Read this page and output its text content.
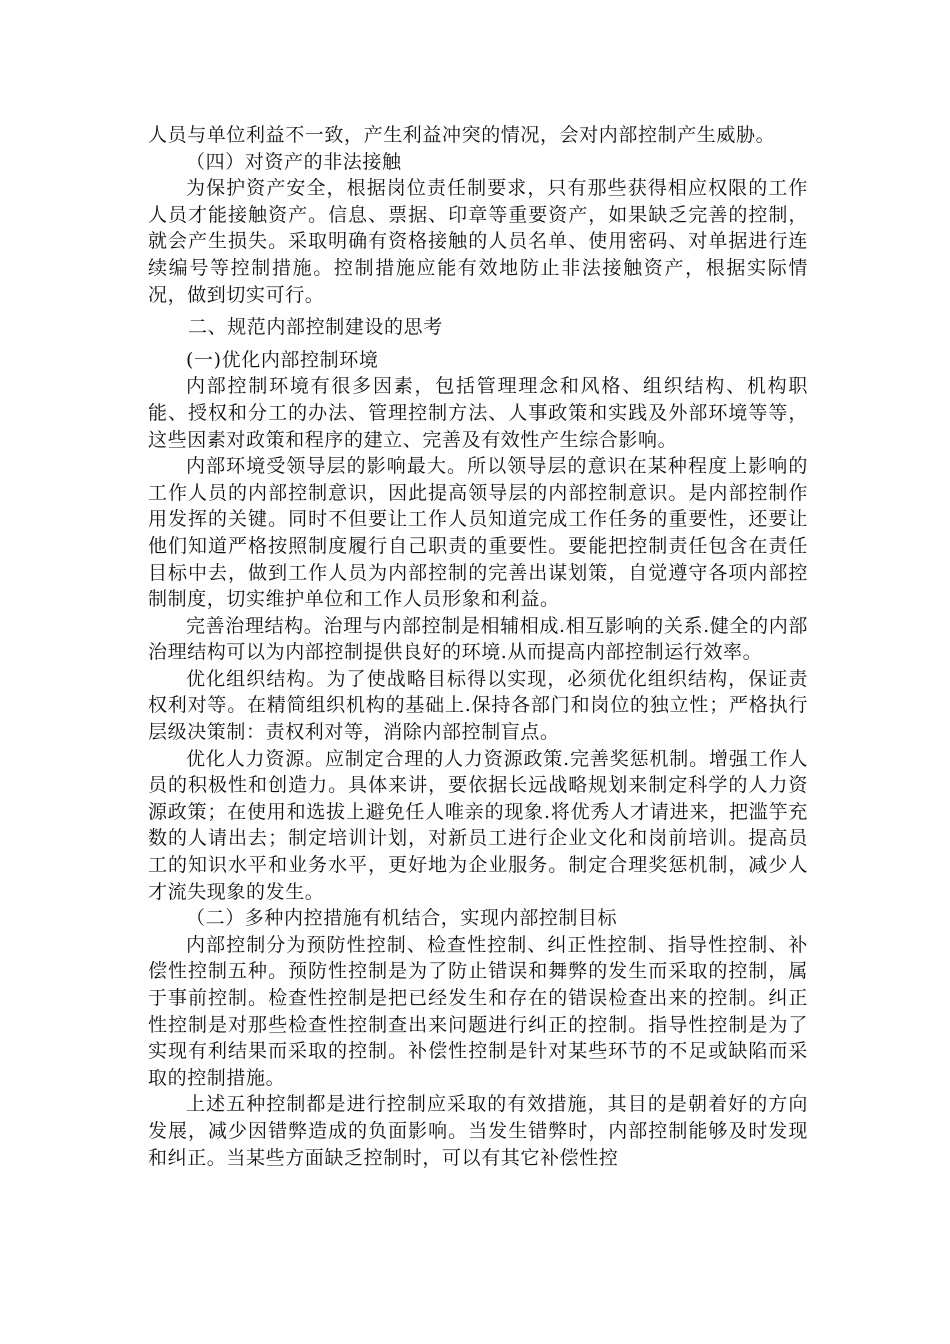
人员与单位利益不一致，产生利益冲突的情况，会对内部控制产生威胁。

（四）对资产的非法接触

为保护资产安全，根据岗位责任制要求，只有那些获得相应权限的工作人员才能接触资产。信息、票据、印章等重要资产，如果缺乏完善的控制，就会产生损失。采取明确有资格接触的人员名单、使用密码、对单据进行连续编号等控制措施。控制措施应能有效地防止非法接触资产，根据实际情况，做到切实可行。

二、规范内部控制建设的思考

(一)优化内部控制环境

内部控制环境有很多因素，包括管理理念和风格、组织结构、机构职能、授权和分工的办法、管理控制方法、人事政策和实践及外部环境等等，这些因素对政策和程序的建立、完善及有效性产生综合影响。

内部环境受领导层的影响最大。所以领导层的意识在某种程度上影响的工作人员的内部控制意识，因此提高领导层的内部控制意识。是内部控制作用发挥的关键。同时不但要让工作人员知道完成工作任务的重要性，还要让他们知道严格按照制度履行自己职责的重要性。要能把控制责任包含在责任目标中去，做到工作人员为内部控制的完善出谋划策，自觉遵守各项内部控制制度，切实维护单位和工作人员形象和利益。

完善治理结构。治理与内部控制是相辅相成.相互影响的关系.健全的内部治理结构可以为内部控制提供良好的环境.从而提高内部控制运行效率。

优化组织结构。为了使战略目标得以实现，必须优化组织结构，保证责权利对等。在精简组织机构的基础上.保持各部门和岗位的独立性；严格执行层级决策制：责权利对等，消除内部控制盲点。

优化人力资源。应制定合理的人力资源政策.完善奖惩机制。增强工作人员的积极性和创造力。具体来讲，要依据长远战略规划来制定科学的人力资源政策；在使用和选拔上避免任人唯亲的现象.将优秀人才请进来，把滥竽充数的人请出去；制定培训计划，对新员工进行企业文化和岗前培训。提高员工的知识水平和业务水平，更好地为企业服务。制定合理奖惩机制，减少人才流失现象的发生。

（二）多种内控措施有机结合，实现内部控制目标

内部控制分为预防性控制、检查性控制、纠正性控制、指导性控制、补偿性控制五种。预防性控制是为了防止错误和舞弊的发生而采取的控制，属于事前控制。检查性控制是把已经发生和存在的错误检查出来的控制。纠正性控制是对那些检查性控制查出来问题进行纠正的控制。指导性控制是为了实现有利结果而采取的控制。补偿性控制是针对某些环节的不足或缺陷而采取的控制措施。

上述五种控制都是进行控制应采取的有效措施，其目的是朝着好的方向发展，减少因错弊造成的负面影响。当发生错弊时，内部控制能够及时发现和纠正。当某些方面缺乏控制时，可以有其它补偿性控
